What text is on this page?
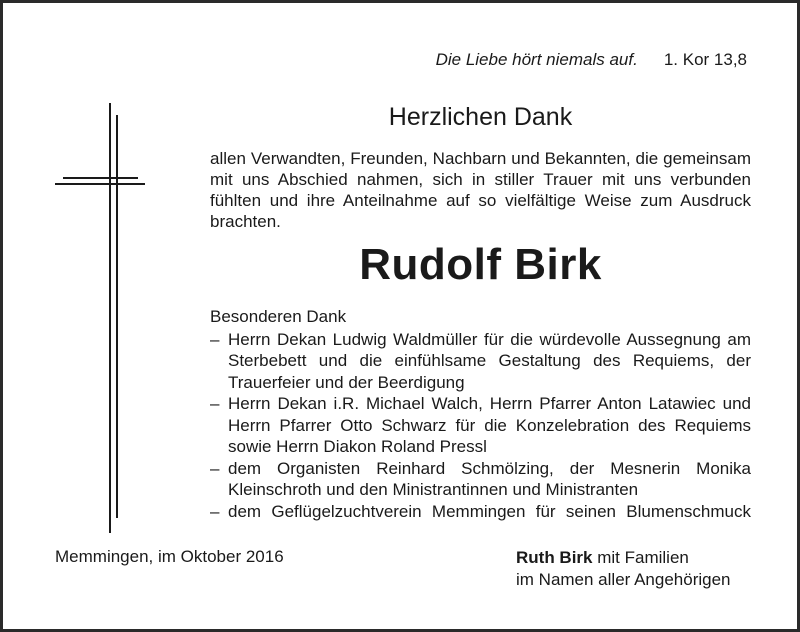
Die Liebe hört niemals auf. 1. Kor 13,8
Herzlichen Dank
allen Verwandten, Freunden, Nachbarn und Bekannten, die gemeinsam mit uns Abschied nahmen, sich in stiller Trauer mit uns verbunden fühlten und ihre Anteilnahme auf so vielfältige Weise zum Ausdruck brachten.
Rudolf Birk
Besonderen Dank
– Herrn Dekan Ludwig Waldmüller für die würdevolle Aussegnung am Sterbebett und die einfühlsame Gestaltung des Requiems, der Trauerfeier und der Beerdigung
– Herrn Dekan i.R. Michael Walch, Herrn Pfarrer Anton Latawiec und Herrn Pfarrer Otto Schwarz für die Konzelebration des Requiems sowie Herrn Diakon Roland Pressl
– dem Organisten Reinhard Schmölzing, der Mesnerin Monika Kleinschroth und den Ministrantinnen und Ministranten
– dem Geflügelzuchtverein Memmingen für seinen Blumenschmuck
Memmingen, im Oktober 2016	Ruth Birk mit Familien
im Namen aller Angehörigen
